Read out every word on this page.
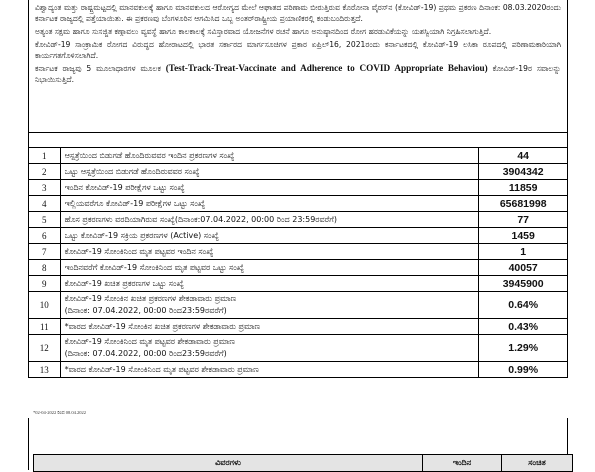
ವಿಶ್ವಾದ್ಯಂತ ಮತ್ತು ರಾಷ್ಟ್ರಮಟ್ಟದಲ್ಲಿ ಮಾನವಕುಲಕ್ಕೆ ಹಾಗೂ ಮಾನವಕುಲದ ಆರೋಗ್ಯದ ಮೇಲೆ ಆಘಾತದ ಪರಿಣಾಮ ಬೀರುತ್ತಿರುವ ಕೊರೋನಾ ವೈರಸ್‌ನ (ಕೋವಿಡ್-19) ಪ್ರಥಮ ಪ್ರಕರಣ ದಿನಾಂಕ: 08.03.2020ರಂದು ಕರ್ನಾಟಕ ರಾಜ್ಯದಲ್ಲಿ ಪತ್ತೆಯಾಯಿತು. ಈ ಪ್ರಕರಣವು ಬೆಂಗಳೂರಿನ ಆಗಮಿಸಿದ ಒಬ್ಬ ಅಂತರ್‌ರಾಷ್ಟ್ರೀಯ ಪ್ರಯಾಣಿಕರಲ್ಲಿ ಕಂಡುಬಂದಿರುತ್ತದೆ.

ಅತ್ಯಂತ ಸಕ್ಷಮ ಹಾಗೂ ಸುಸಜ್ಜಿತ ಕಣ್ಗಾವಲು ವ್ಯವಸ್ಥೆ ಹಾಗೂ ಕಾಲಕಾಲಕ್ಕೆ ಸವಿಸ್ತಾರವಾದ ಯೋಜನೆಗಳ ರಚನೆ ಹಾಗೂ ಅನುಷ್ಠಾನದಿಂದ ರೋಗ ಹರಡುವಿಕೆಯನ್ನು ಯಶಸ್ವಿಯಾಗಿ ನಿಗ್ರಹಿಸಲಾಗುತ್ತಿದೆ.

ಕೋವಿಡ್-19 ಸಾಂಕ್ರಾಮಿಕ ರೋಗದ ವಿರುದ್ಧದ ಹೋರಾಟದಲ್ಲಿ ಭಾರತ ಸರ್ಕಾರದ ಮಾರ್ಗಸೂಚಿಗಳ ಪ್ರಕಾರ ಏಪ್ರಿಲ್16, 2021ರಂದು ಕರ್ನಾಟಕದಲ್ಲಿ ಕೋವಿಡ್-19 ಲಸಿಕಾ ರೂಪದಲ್ಲಿ ಪರಿಣಾಮಕಾರಿಯಾಗಿ ಕಾರ್ಯಗತಗೊಳಿಸಲಾಗಿದೆ.

ಕರ್ನಾಟಕ ರಾಜ್ಯವು 5 ಮೂಲಾಧಾರಗಳ ಮೂಲಕ (Test-Track-Treat-Vaccinate and Adherence to COVID Appropriate Behaviou) ಕೋವಿಡ್-19ರ ಸವಾಲನ್ನು ನಿಭಾಯಿಸುತ್ತಿದೆ.

1	ಆಸ್ಪತ್ರೆಯಿಂದ ಬಿಡುಗಡೆ ಹೊಂದಿರುವವರ ಇಂದಿನ ಪ್ರಕರಣಗಳ ಸಂಖ್ಯೆ	44
2	ಒಟ್ಟು ಆಸ್ಪತ್ರೆಯಿಂದ ಬಿಡುಗಡೆ ಹೊಂದಿರುವವರ ಸಂಖ್ಯೆ	3904342
3	ಇಂದಿನ ಕೋವಿಡ್-19 ಪರೀಕ್ಷೆಗಳ ಒಟ್ಟು ಸಂಖ್ಯೆ	11859
4	ಇಲ್ಲಿಯವರೆಗೂ ಕೋವಿಡ್-19 ಪರೀಕ್ಷೆಗಳ ಒಟ್ಟು ಸಂಖ್ಯೆ	65681998
5	ಹೊಸ ಪ್ರಕರಣಗಳು ವರದಿಯಾಗಿರುವ ಸಂಖ್ಯೆ(ದಿನಾಂಕ:07.04.2022, 00:00 ರಿಂದ 23:59ರವರೆಗೆ)	77
6	ಒಟ್ಟು ಕೋವಿಡ್-19 ಸಕ್ರಿಯ ಪ್ರಕರಣಗಳ (Active) ಸಂಖ್ಯೆ	1459
7	ಕೋವಿಡ್-19 ಸೋಂಕಿನಿಂದ ಮೃತ ಪಟ್ಟವರ ಇಂದಿನ ಸಂಖ್ಯೆ	1
8	ಇಂದಿನವರೆಗೆ ಕೋವಿಡ್-19 ಸೋಂಕಿನಿಂದ ಮೃತ ಪಟ್ಟವರ ಒಟ್ಟು ಸಂಖ್ಯೆ	40057
9	ಕೋವಿಡ್-19 ಖಚಿತ ಪ್ರಕರಣಗಳ ಒಟ್ಟು ಸಂಖ್ಯೆ	3945900
10	ಕೋವಿಡ್-19 ಸೋಂಕಿನ ಖಚಿತ ಪ್ರಕರಣಗಳ ಶೇಕಡಾವಾರು ಪ್ರಮಾಣ
(ದಿನಾಂಕ: 07.04.2022, 00:00 ರಿಂದ23:59ರವರೆಗೆ)	0.64%
11	*ವಾರದ ಕೋವಿಡ್-19 ಸೋಂಕಿನ ಖಚಿತ ಪ್ರಕರಣಗಳ ಶೇಕಡಾವಾರು ಪ್ರಮಾಣ	0.43%
12	ಕೋವಿಡ್-19 ಸೋಂಕಿನಿಂದ ಮೃತ ಪಟ್ಟವರ ಶೇಕಡಾವಾರು ಪ್ರಮಾಣ
(ದಿನಾಂಕ: 07.04.2022, 00:00 ರಿಂದ23:59ರವರೆಗೆ)	1.29%
13	*ವಾರದ ಕೋವಿಡ್-19 ಸೋಂಕಿನಿಂದ ಮೃತ ಪಟ್ಟವರ ಶೇಕಡಾವಾರು ಪ್ರಮಾಣ	0.99%
*02-04-2022 ರಿಂದ 08.04.2022
ವಿವರಗಳು	ಇಂದಿನ	ಸಂಚಿತ
